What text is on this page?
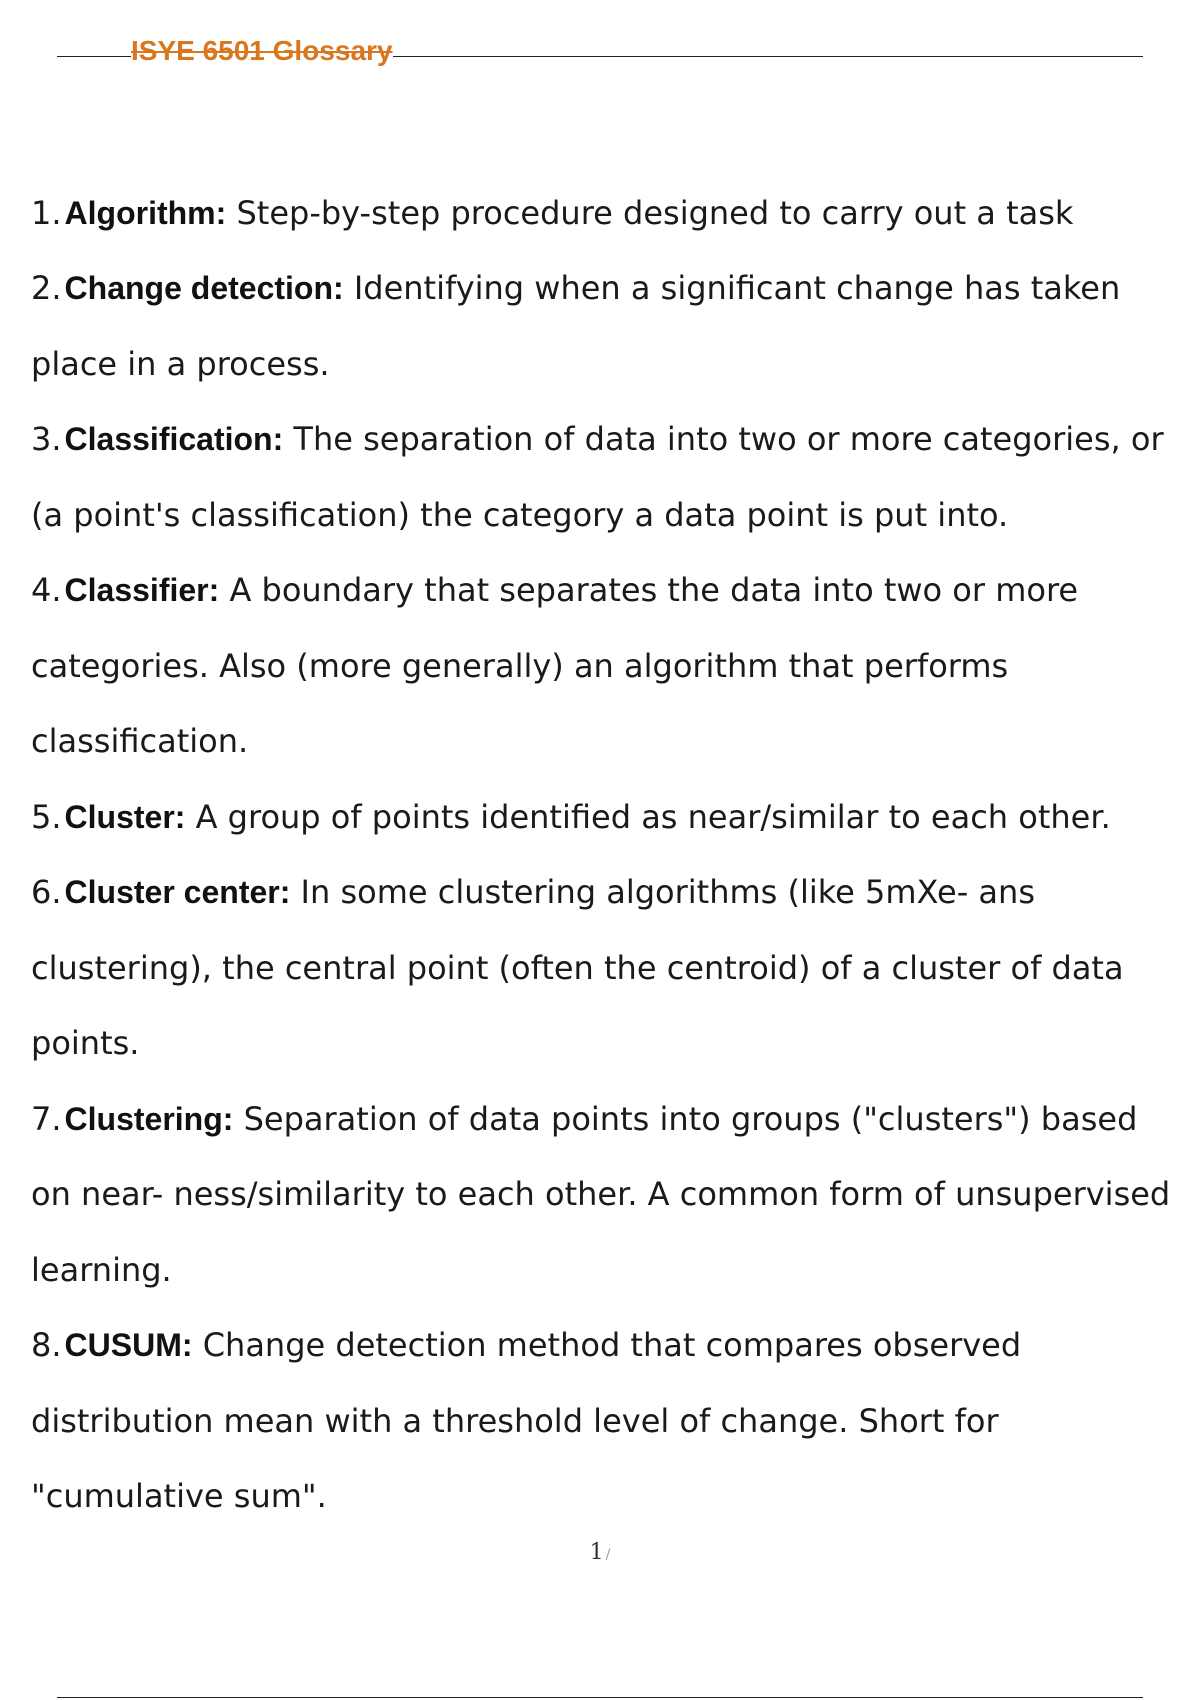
ISYE 6501 Glossary
1.Algorithm: Step-by-step procedure designed to carry out a task
2.Change detection: Identifying when a significant change has taken place in a process.
3.Classification: The separation of data into two or more categories, or (a point's classification) the category a data point is put into.
4.Classifier: A boundary that separates the data into two or more categories. Also (more generally) an algorithm that performs classification.
5.Cluster: A group of points identified as near/similar to each other.
6.Cluster center: In some clustering algorithms (like 5mXe- ans clustering), the central point (often the centroid) of a cluster of data points.
7.Clustering: Separation of data points into groups ("clusters") based on near- ness/similarity to each other. A common form of unsupervised learning.
8.CUSUM: Change detection method that compares observed distribution mean with a threshold level of change. Short for "cumulative sum".
1 /
